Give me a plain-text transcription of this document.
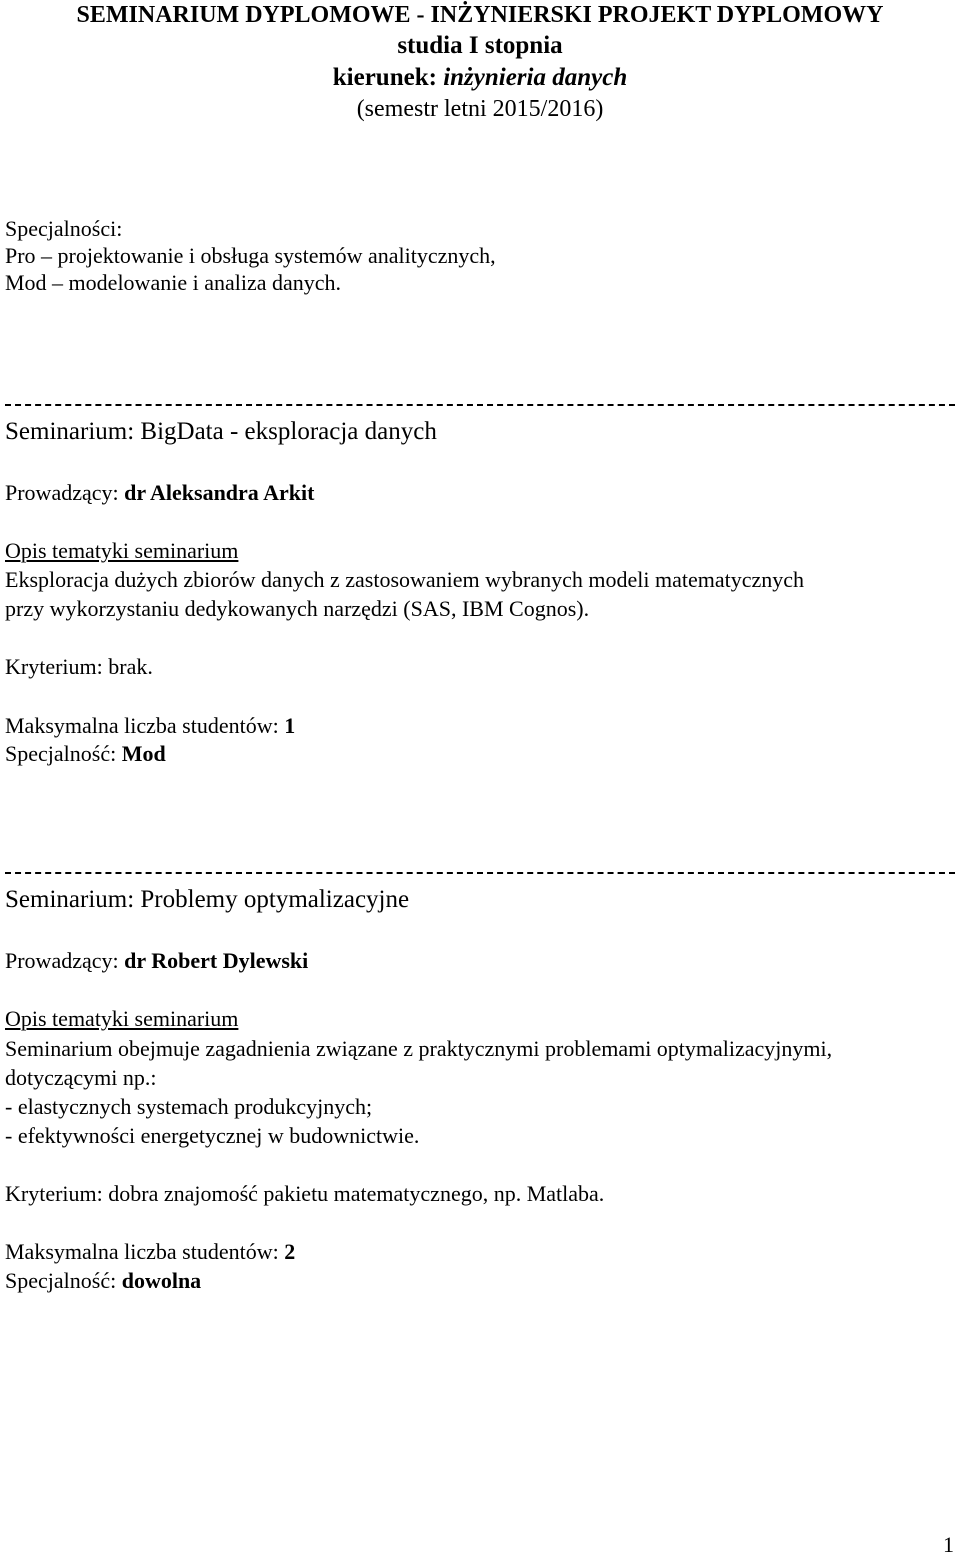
SEMINARIUM DYPLOMOWE - INŻYNIERSKI PROJEKT DYPLOMOWY
studia I stopnia
kierunek: inżynieria danych
(semestr letni 2015/2016)
Specjalności:
Pro – projektowanie i obsługa systemów analitycznych,
Mod – modelowanie i analiza danych.
Seminarium: BigData - eksploracja danych
Prowadzący: dr Aleksandra Arkit
Opis tematyki seminarium
Eksploracja dużych zbiorów danych z zastosowaniem wybranych modeli matematycznych
przy wykorzystaniu dedykowanych narzędzi (SAS, IBM Cognos).
Kryterium: brak.
Maksymalna liczba studentów: 1
Specjalność: Mod
Seminarium: Problemy optymalizacyjne
Prowadzący: dr Robert Dylewski
Opis tematyki seminarium
Seminarium obejmuje zagadnienia związane z praktycznymi problemami optymalizacyjnymi,
dotyczącymi np.:
- elastycznych systemach produkcyjnych;
- efektywności energetycznej w budownictwie.
Kryterium: dobra znajomość pakietu matematycznego, np. Matlaba.
Maksymalna liczba studentów: 2
Specjalność: dowolna
1
